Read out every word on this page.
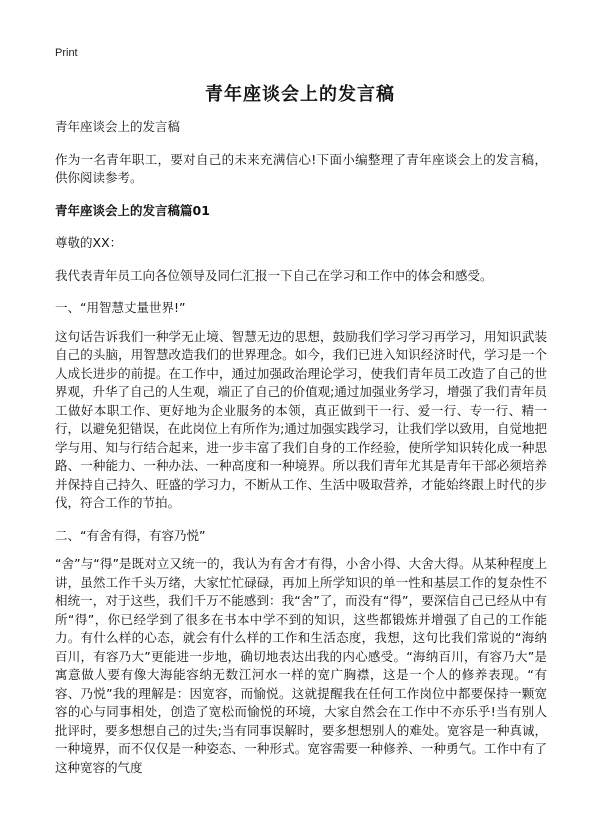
Print
青年座谈会上的发言稿

青年座谈会上的发言稿

作为一名青年职工，要对自己的未来充满信心!下面小编整理了青年座谈会上的发言稿，供你阅读参考。

青年座谈会上的发言稿篇01

尊敬的XX：

我代表青年员工向各位领导及同仁汇报一下自己在学习和工作中的体会和感受。

一、“用智慧丈量世界!”

这句话告诉我们一种学无止境、智慧无边的思想，鼓励我们学习学习再学习，用知识武装自己的头脑，用智慧改造我们的世界理念。如今，我们已进入知识经济时代，学习是一个人成长进步的前提。在工作中，通过加强政治理论学习，使我们青年员工改造了自己的世界观，升华了自己的人生观，端正了自己的价值观;通过加强业务学习，增强了我们青年员工做好本职工作、更好地为企业服务的本领，真正做到干一行、爱一行、专一行、精一行，以避免犯错误，在此岗位上有所作为;通过加强实践学习，让我们学以致用，自觉地把学与用、知与行结合起来，进一步丰富了我们自身的工作经验，使所学知识转化成一种思路、一种能力、一种办法、一种高度和一种境界。所以我们青年尤其是青年干部必须培养并保持自己持久、旺盛的学习力，不断从工作、生活中吸取营养，才能始终跟上时代的步伐，符合工作的节拍。

二、“有舍有得，有容乃悦”

“舍”与“得”是既对立又统一的，我认为有舍才有得，小舍小得、大舍大得。从某种程度上讲，虽然工作千头万绪，大家忙忙碌碌，再加上所学知识的单一性和基层工作的复杂性不相统一，对于这些，我们千万不能感到：我“舍”了，而没有“得”，要深信自己已经从中有所“得”，你已经学到了很多在书本中学不到的知识，这些都锻炼并增强了自己的工作能力。有什么样的心态，就会有什么样的工作和生活态度，我想，这句比我们常说的“海纳百川，有容乃大”更能进一步地，确切地表达出我的内心感受。“海纳百川，有容乃大”是寓意做人要有像大海能容纳无数江河水一样的宽广胸襟，这是一个人的修养表现。“有容、乃悦”我的理解是：因宽容，而愉悦。这就提醒我在任何工作岗位中都要保持一颗宽容的心与同事相处，创造了宽松而愉悦的环境，大家自然会在工作中不亦乐乎!当有别人批评时，要多想想自己的过失;当有同事误解时，要多想想别人的难处。宽容是一种真诚，一种境界，而不仅仅是一种姿态、一种形式。宽容需要一种修养、一种勇气。工作中有了这种宽容的气度
